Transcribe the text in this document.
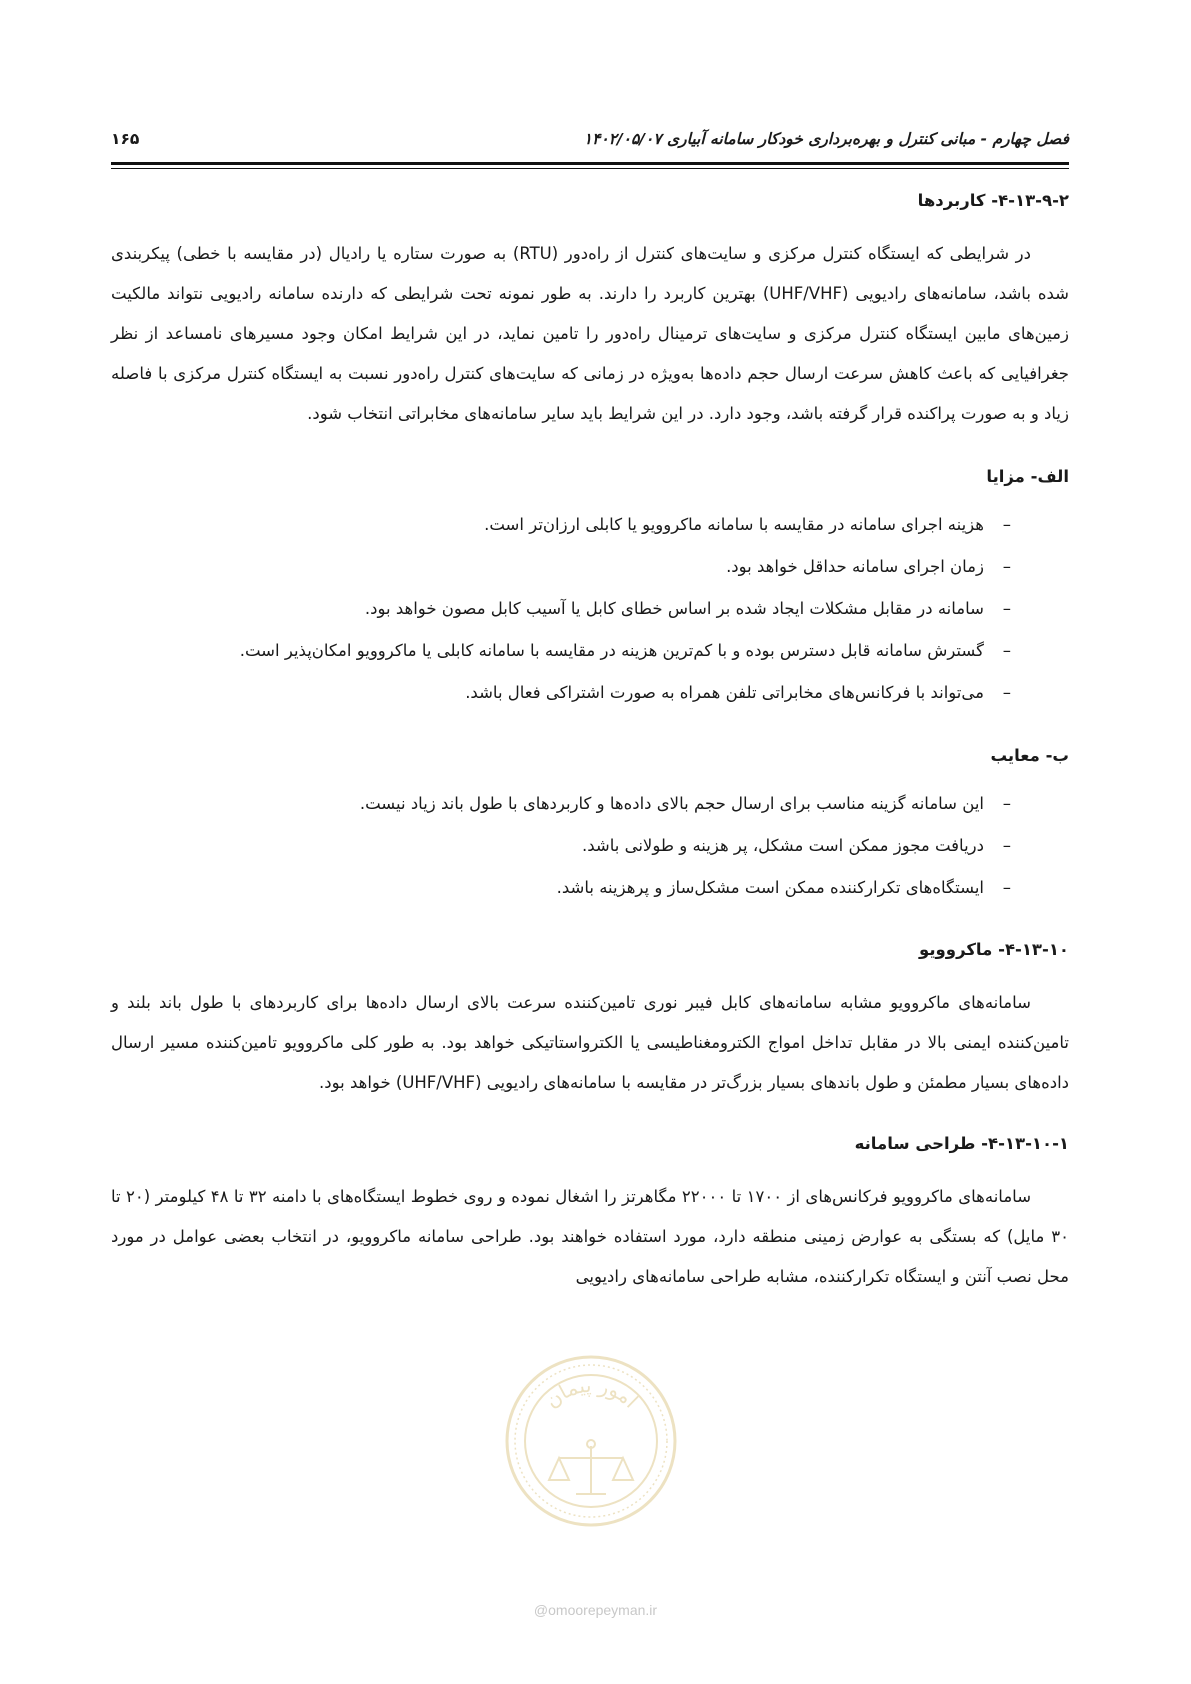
فصل چهارم - مبانی کنترل و بهره‌برداری خودکار سامانه آبیاری ۱۴۰۲/۰۵/۰۷
۱۶۵

۴-۱۳-۹-۲- کاربردها

در شرایطی که ایستگاه کنترل مرکزی و سایت‌های کنترل از راه‌دور (RTU) به صورت ستاره یا رادیال (در مقایسه با خطی) پیکربندی شده باشد، سامانه‌های رادیویی (UHF/VHF) بهترین کاربرد را دارند. به طور نمونه تحت شرایطی که دارنده سامانه رادیویی نتواند مالکیت زمین‌های مابین ایستگاه کنترل مرکزی و سایت‌های ترمینال راه‌دور را تامین نماید، در این شرایط امکان وجود مسیرهای نامساعد از نظر جغرافیایی که باعث کاهش سرعت ارسال حجم داده‌ها به‌ویژه در زمانی که سایت‌های کنترل راه‌دور نسبت به ایستگاه کنترل مرکزی با فاصله زیاد و به صورت پراکنده قرار گرفته باشد، وجود دارد. در این شرایط باید سایر سامانه‌های مخابراتی انتخاب شود.

الف- مزایا

–
هزینه اجرای سامانه در مقایسه با سامانه ماکروویو یا کابلی ارزان‌تر است.
–
زمان اجرای سامانه حداقل خواهد بود.
–
سامانه در مقابل مشکلات ایجاد شده بر اساس خطای کابل یا آسیب کابل مصون خواهد بود.
–
گسترش سامانه قابل دسترس بوده و با کم‌ترین هزینه در مقایسه با سامانه کابلی یا ماکروویو امکان‌پذیر است.
–
می‌تواند با فرکانس‌های مخابراتی تلفن همراه به صورت اشتراکی فعال باشد.

ب- معایب

–
این سامانه گزینه مناسب برای ارسال حجم بالای داده‌ها و کاربردهای با طول باند زیاد نیست.
–
دریافت مجوز ممکن است مشکل، پر هزینه و طولانی باشد.
–
ایستگاه‌های تکرارکننده ممکن است مشکل‌ساز و پرهزینه باشد.

۴-۱۳-۱۰- ماکروویو

سامانه‌های ماکروویو مشابه سامانه‌های کابل فیبر نوری تامین‌کننده سرعت بالای ارسال داده‌ها برای کاربردهای با طول باند بلند و تامین‌کننده ایمنی بالا در مقابل تداخل امواج الکترومغناطیسی یا الکترواستاتیکی خواهد بود. به طور کلی ماکروویو تامین‌کننده مسیر ارسال داده‌های بسیار مطمئن و طول باندهای بسیار بزرگ‌تر در مقایسه با سامانه‌های رادیویی (UHF/VHF) خواهد بود.

۴-۱۳-۱۰-۱- طراحی سامانه

سامانه‌های ماکروویو فرکانس‌های از ۱۷۰۰ تا ۲۲۰۰۰ مگاهرتز را اشغال نموده و روی خطوط ایستگاه‌های با دامنه ۳۲ تا ۴۸ کیلومتر (۲۰ تا ۳۰ مایل) که بستگی به عوارض زمینی منطقه دارد، مورد استفاده خواهند بود. طراحی سامانه ماکروویو، در انتخاب بعضی عوامل در مورد محل نصب آنتن و ایستگاه تکرارکننده، مشابه طراحی سامانه‌های رادیویی

امور پیمان
@omoorepeyman.ir
